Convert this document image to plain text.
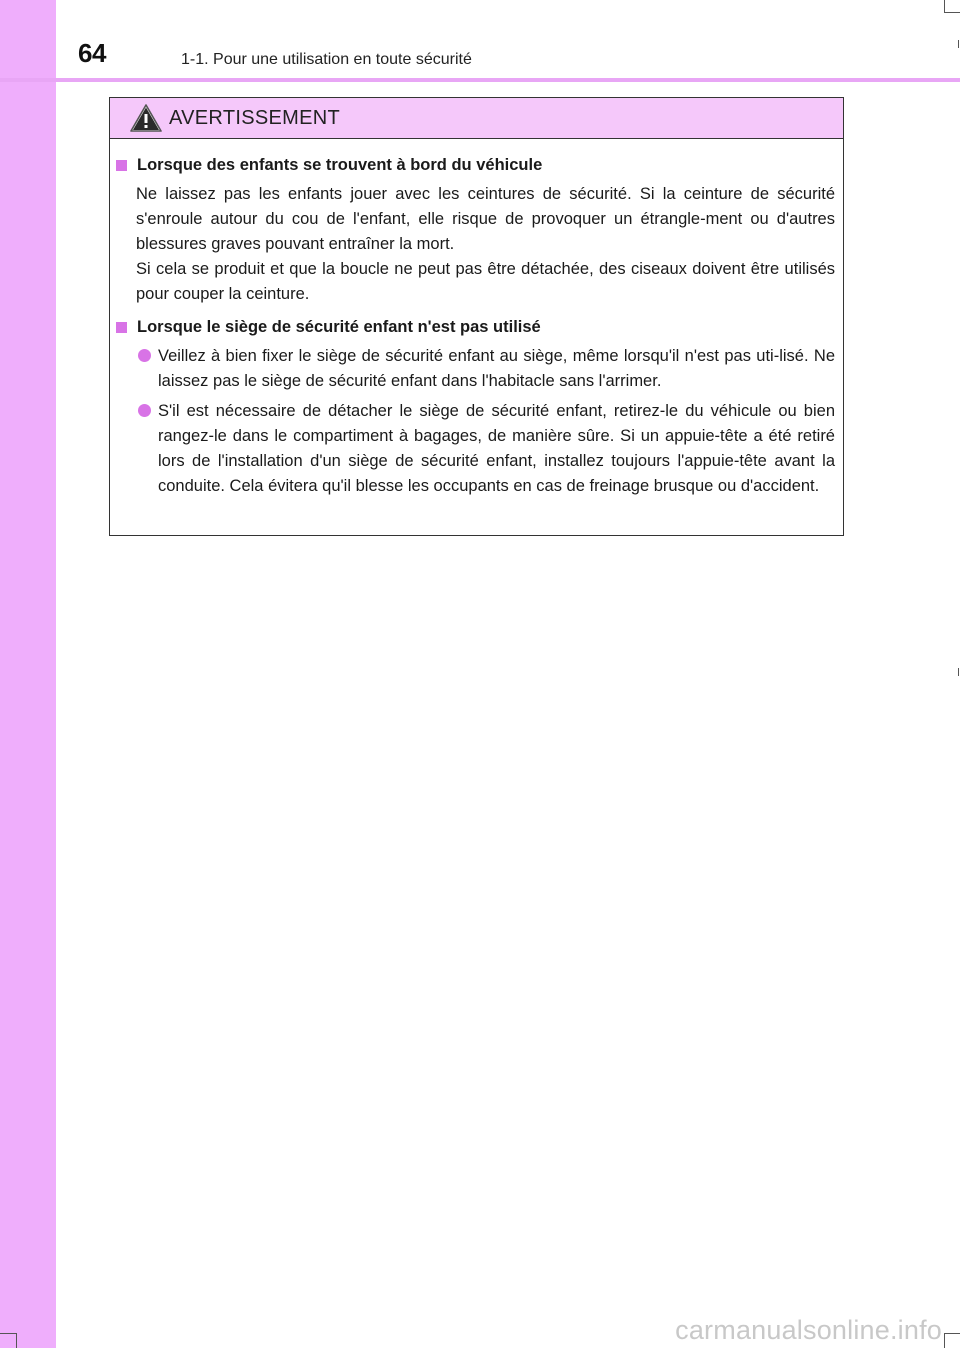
64	1-1. Pour une utilisation en toute sécurité
AVERTISSEMENT
Lorsque des enfants se trouvent à bord du véhicule
Ne laissez pas les enfants jouer avec les ceintures de sécurité. Si la ceinture de sécurité s'enroule autour du cou de l'enfant, elle risque de provoquer un étrangle-ment ou d'autres blessures graves pouvant entraîner la mort.
Si cela se produit et que la boucle ne peut pas être détachée, des ciseaux doivent être utilisés pour couper la ceinture.
Lorsque le siège de sécurité enfant n'est pas utilisé
Veillez à bien fixer le siège de sécurité enfant au siège, même lorsqu'il n'est pas uti-lisé. Ne laissez pas le siège de sécurité enfant dans l'habitacle sans l'arrimer.
S'il est nécessaire de détacher le siège de sécurité enfant, retirez-le du véhicule ou bien rangez-le dans le compartiment à bagages, de manière sûre. Si un appuie-tête a été retiré lors de l'installation d'un siège de sécurité enfant, installez toujours l'appuie-tête avant la conduite. Cela évitera qu'il blesse les occupants en cas de freinage brusque ou d'accident.
carmanualsonline.info
